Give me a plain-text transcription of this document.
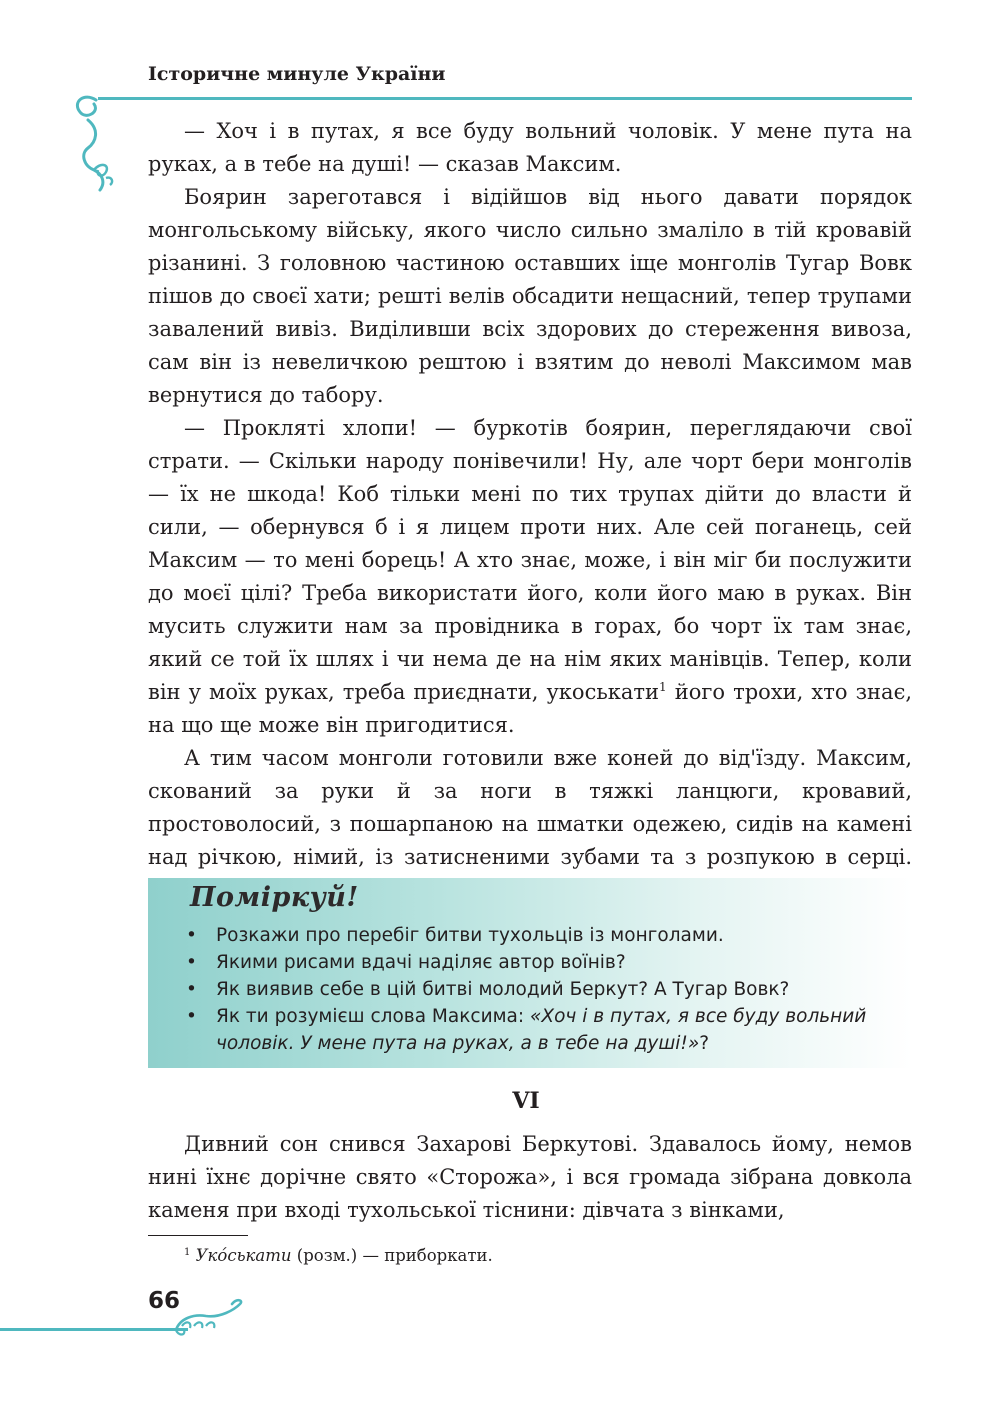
Історичне минуле України

— Хоч і в путах, я все буду вольний чоловік. У мене пута на руках, а в тебе на душі! — сказав Максим.

Боярин зареготався і відійшов від нього давати порядок монгольському війську, якого число сильно змаліло в тій кровавій різанині. З головною частиною оставших іще монголів Тугар Вовк пішов до своєї хати; решті велів обсадити нещасний, тепер трупами завалений вивіз. Виділивши всіх здорових до стереження вивоза, сам він із невеличкою рештою і взятим до неволі Максимом мав вернутися до табору.

— Прокляті хлопи! — буркотів боярин, переглядаючи свої страти. — Скільки народу понівечили! Ну, але чорт бери монголів — їх не шкода! Коб тільки мені по тих трупах дійти до власти й сили, — обернувся б і я лицем проти них. Але сей поганець, сей Максим — то мені борець! А хто знає, може, і він міг би послужити до моєї цілі? Треба використати його, коли його маю в руках. Він мусить служити нам за провідника в горах, бо чорт їх там знає, який се той їх шлях і чи нема де на нім яких манівців. Тепер, коли він у моїх руках, треба приєднати, укоськати$^1$ його трохи, хто знає, на що ще може він пригодитися.

А тим часом монголи готовили вже коней до від'їзду. Максим, скований за руки й за ноги в тяжкі ланцюги, кровавий, простоволосий, з пошарпаною на шматки одежею, сидів на камені над річкою, німий, із затисненими зубами та з розпукою в серці.

Поміркуй!
• Розкажи про перебіг битви тухольців із монголами.
• Якими рисами вдачі наділяє автор воїнів?
• Як виявив себе в цій битві молодий Беркут? А Тугар Вовк?
• Як ти розумієш слова Максима: «Хоч і в путах, я все буду вольний чоловік. У мене пута на руках, а в тебе на душі!»?
VI

Дивний сон снився Захарові Беркутові. Здавалось йому, немов нині їхнє дорічне свято «Сторожа», і вся громада зібрана довкола каменя при вході тухольської тіснини: дівчата з вінками,

$^1$ Укóськати (розм.) — приборкати.
66
